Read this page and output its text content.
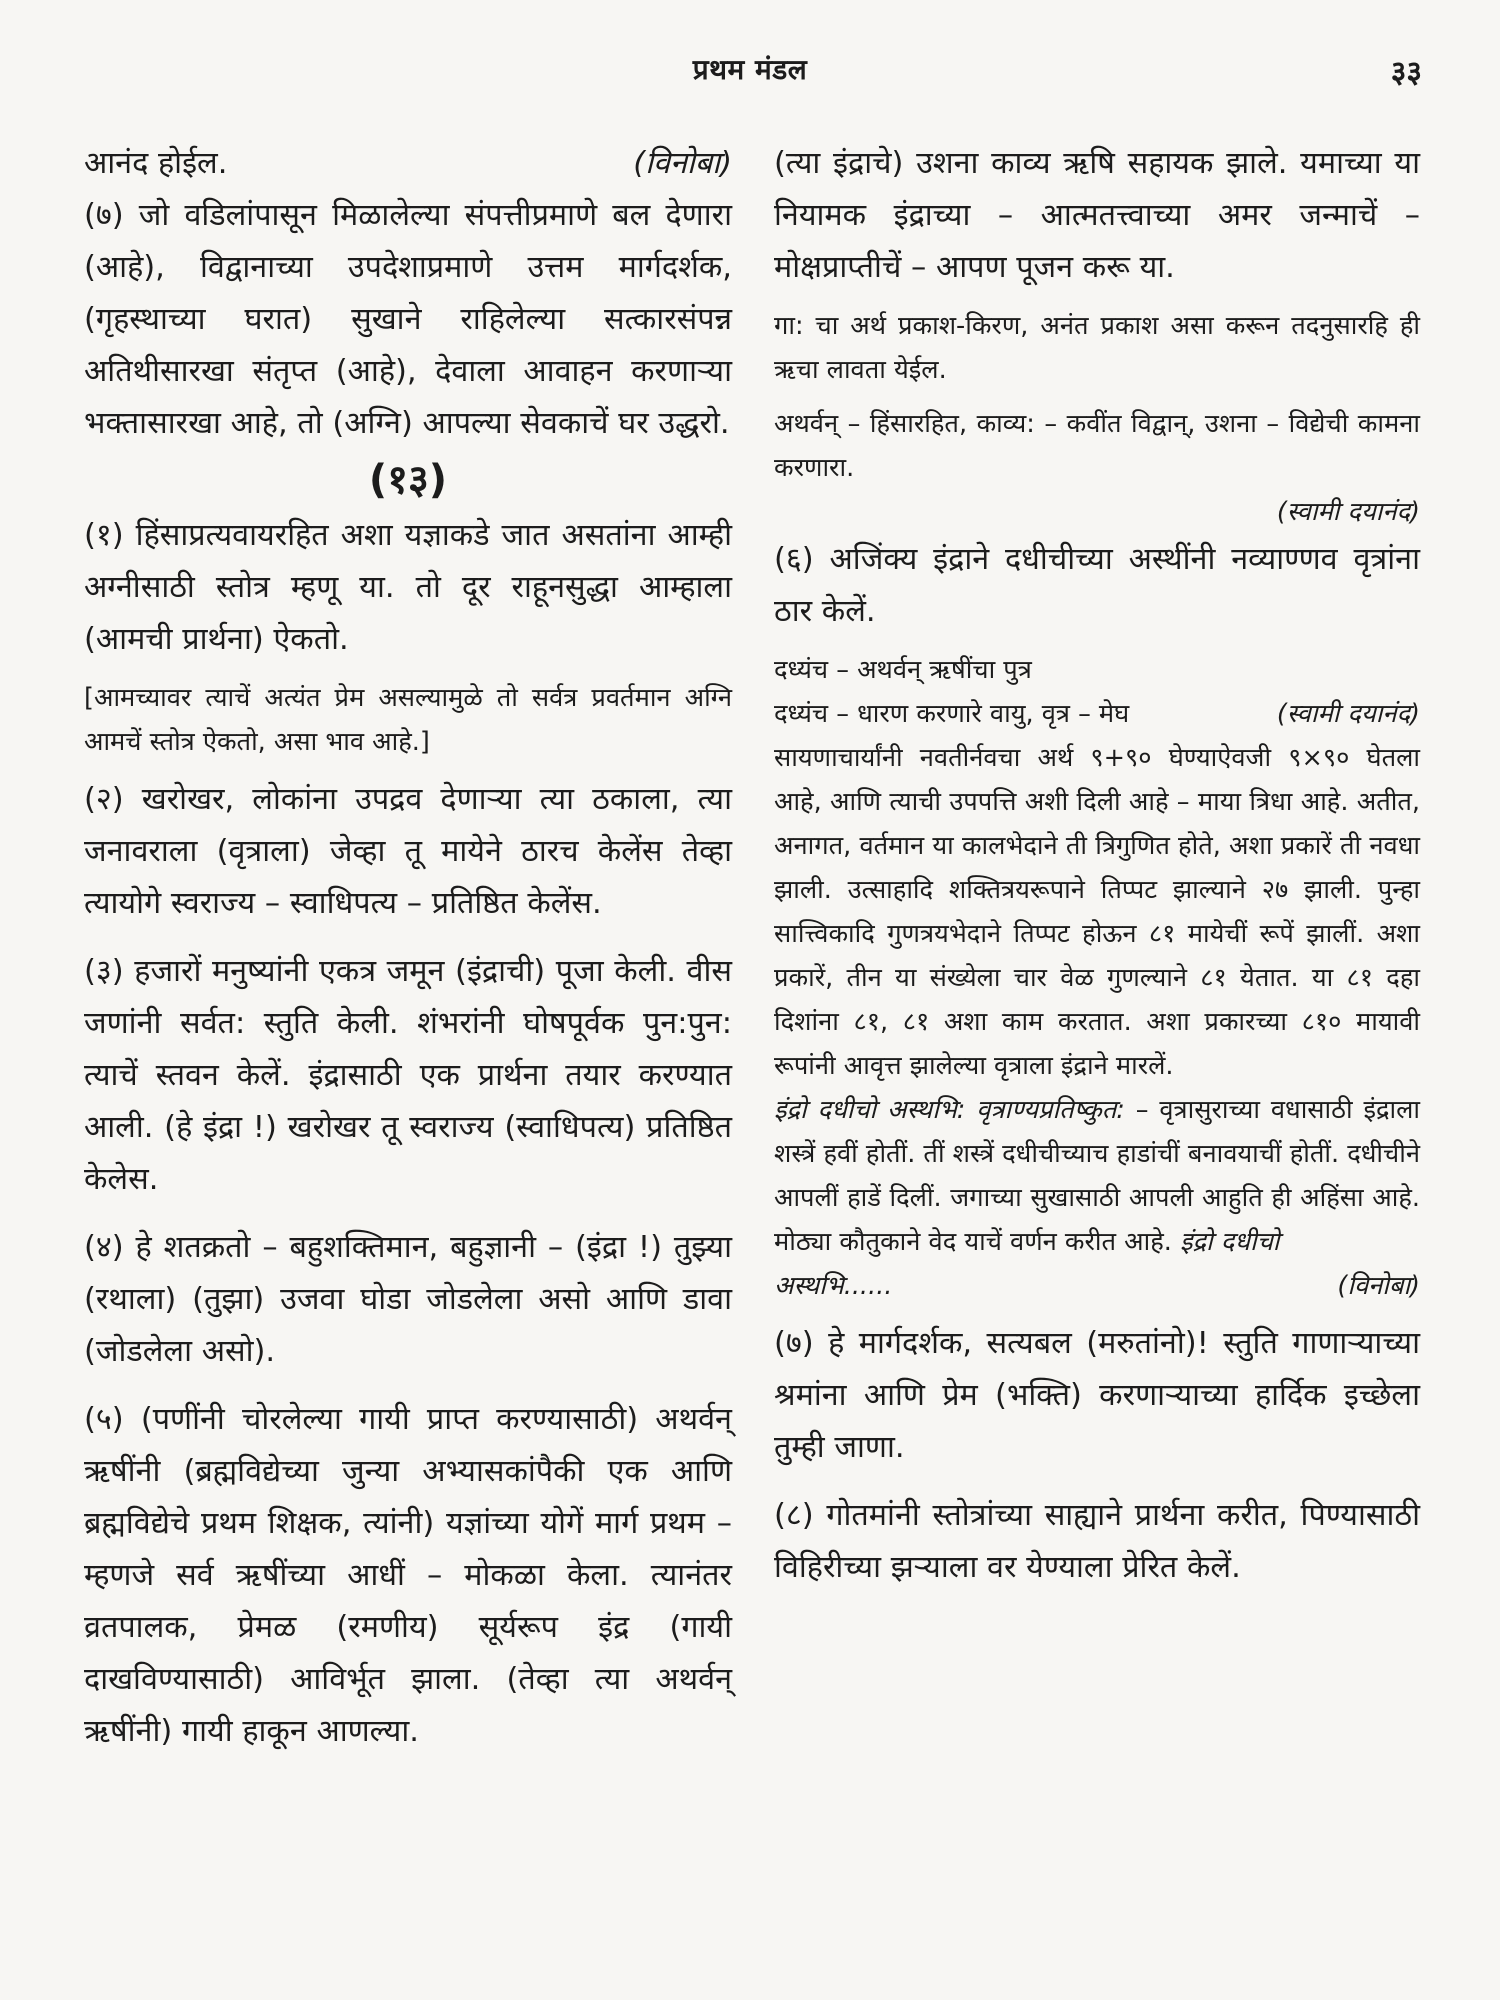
प्रथम मंडल	३३
आनंद होईल.	(विनोबा)

(७) जो वडिलांपासून मिळालेल्या संपत्तीप्रमाणे बल देणारा (आहे), विद्वानाच्या उपदेशाप्रमाणे उत्तम मार्गदर्शक, (गृहस्थाच्या घरात) सुखाने राहिलेल्या सत्कारसंपन्न अतिथीसारखा संतृप्त (आहे), देवाला आवाहन करणाऱ्या भक्तासारखा आहे, तो (अग्नि) आपल्या सेवकाचें घर उद्धरो.

(१३)

(१) हिंसाप्रत्यवायरहित अशा यज्ञाकडे जात असतांना आम्ही अग्नीसाठी स्तोत्र म्हणू या. तो दूर राहूनसुद्धा आम्हाला (आमची प्रार्थना) ऐकतो.

[आमच्यावर त्याचें अत्यंत प्रेम असल्यामुळे तो सर्वत्र प्रवर्तमान अग्नि आमचें स्तोत्र ऐकतो, असा भाव आहे.]

(२) खरोखर, लोकांना उपद्रव देणाऱ्या त्या ठकाला, त्या जनावराला (वृत्राला) जेव्हा तू मायेने ठारच केलेंस तेव्हा त्यायोगे स्वराज्य – स्वाधिपत्य – प्रतिष्ठित केलेंस.

(३) हजारों मनुष्यांनी एकत्र जमून (इंद्राची) पूजा केली. वीस जणांनी सर्वत: स्तुति केली. शंभरांनी घोषपूर्वक पुन:पुन: त्याचें स्तवन केलें. इंद्रासाठी एक प्रार्थना तयार करण्यात आली. (हे इंद्रा !) खरोखर तू स्वराज्य (स्वाधिपत्य) प्रतिष्ठित केलेस.

(४) हे शतक्रतो – बहुशक्तिमान, बहुज्ञानी – (इंद्रा !) तुझ्या (रथाला) (तुझा) उजवा घोडा जोडलेला असो आणि डावा (जोडलेला असो).

(५) (पणींनी चोरलेल्या गायी प्राप्त करण्यासाठी) अथर्वन् ऋषींनी (ब्रह्मविद्येच्या जुन्या अभ्यासकांपैकी एक आणि ब्रह्मविद्येचे प्रथम शिक्षक, त्यांनी) यज्ञांच्या योगें मार्ग प्रथम – म्हणजे सर्व ऋषींच्या आधीं – मोकळा केला. त्यानंतर व्रतपालक, प्रेमळ (रमणीय) सूर्यरूप इंद्र (गायी दाखविण्यासाठी) आविर्भूत झाला. (तेव्हा त्या अथर्वन् ऋषींनी) गायी हाकून आणल्या.

(त्या इंद्राचे) उशना काव्य ऋषि सहायक झाले. यमाच्या या नियामक इंद्राच्या – आत्मतत्त्वाच्या अमर जन्माचें – मोक्षप्राप्तीचें – आपण पूजन करू या.

गा: चा अर्थ प्रकाश-किरण, अनंत प्रकाश असा करून तदनुसारहि ही ऋचा लावता येईल.

अथर्वन् – हिंसारहित, काव्य: – कवींत विद्वान्, उशना – विद्येची कामना करणारा.

(स्वामी दयानंद)

(६) अजिंक्य इंद्राने दधीचीच्या अस्थींनी नव्याण्णव वृत्रांना ठार केलें.

दध्यंच – अथर्वन् ऋषींचा पुत्र

दध्यंच – धारण करणारे वायु, वृत्र – मेघ	(स्वामी दयानंद)

सायणाचार्यांनी नवतीर्नवचा अर्थ ९+९० घेण्याऐवजी ९×९० घेतला आहे, आणि त्याची उपपत्ति अशी दिली आहे – माया त्रिधा आहे. अतीत, अनागत, वर्तमान या कालभेदाने ती त्रिगुणित होते, अशा प्रकारें ती नवधा झाली. उत्साहादि शक्तित्रयरूपाने तिप्पट झाल्याने २७ झाली. पुन्हा सात्त्विकादि गुणत्रयभेदाने तिप्पट होऊन ८१ मायेचीं रूपें झालीं. अशा प्रकारें, तीन या संख्येला चार वेळ गुणल्याने ८१ येतात. या ८१ दहा दिशांना ८१, ८१ अशा काम करतात. अशा प्रकारच्या ८१० मायावी रूपांनी आवृत्त झालेल्या वृत्राला इंद्राने मारलें.

इंद्रो दधीचो अस्थभि: वृत्राण्यप्रतिष्कुत: – वृत्रासुराच्या वधासाठी इंद्राला शस्त्रें हवीं होतीं. तीं शस्त्रें दधीचीच्याच हाडांचीं बनावयाचीं होतीं. दधीचीने आपलीं हाडें दिलीं. जगाच्या सुखासाठी आपली आहुति ही अहिंसा आहे. मोठ्या कौतुकाने वेद याचें वर्णन करीत आहे. इंद्रो दधीचो

अस्थभि......	(विनोबा)

(७) हे मार्गदर्शक, सत्यबल (मरुतांनो)! स्तुति गाणाऱ्याच्या श्रमांना आणि प्रेम (भक्ति) करणाऱ्याच्या हार्दिक इच्छेला तुम्ही जाणा.

(८) गोतमांनी स्तोत्रांच्या साह्याने प्रार्थना करीत, पिण्यासाठी विहिरीच्या झऱ्याला वर येण्याला प्रेरित केलें.
